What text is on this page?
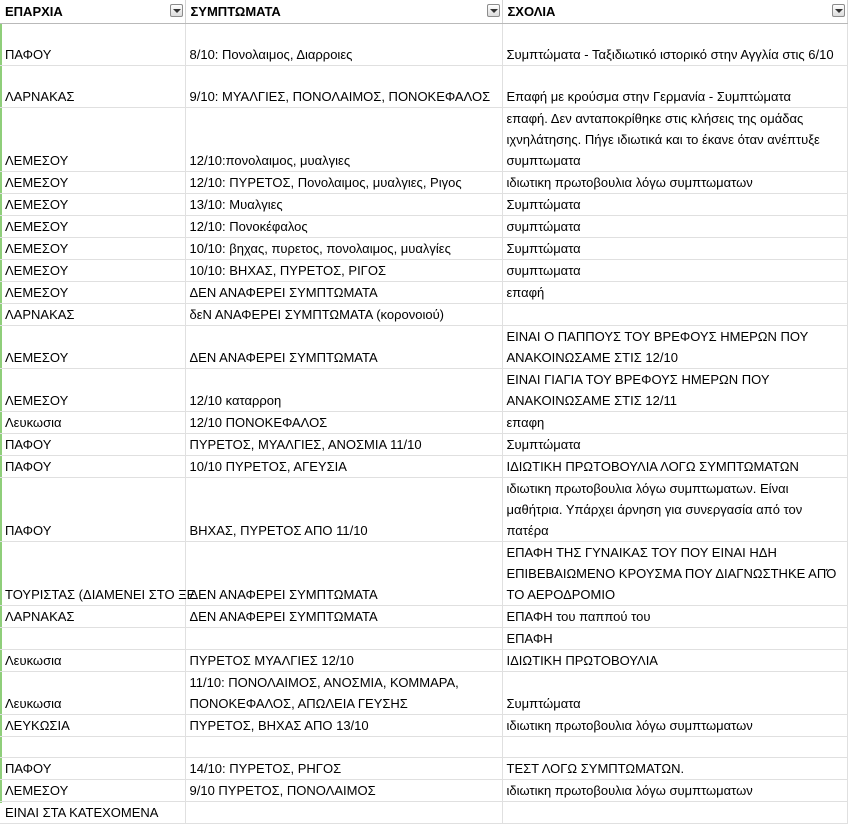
ΕΠΑΡΧΙΑ	ΣΥΜΠΤΩΜΑΤΑ	ΣΧΟΛΙΑ

ΠΑΦΟΥ	8/10: Πονολαιμος, Διαρροιες	Συμπτώματα - Ταξιδιωτικό ιστορικό στην Αγγλία στις 6/10
ΛΑΡΝΑΚΑΣ	9/10: ΜΥΑΛΓΙΕΣ, ΠΟΝΟΛΑΙΜΟΣ, ΠΟΝΟΚΕΦΑΛΟΣ	Επαφή με κρούσμα στην Γερμανία - Συμπτώματα
ΛΕΜΕΣΟΥ	12/10:πονολαιμος, μυαλγιες	επαφή. Δεν ανταποκρίθηκε στις κλήσεις της ομάδας ιχνηλάτησης. Πήγε ιδιωτικά και το έκανε όταν ανέπτυξε συμπτωματα
ΛΕΜΕΣΟΥ	12/10: ΠΥΡΕΤΟΣ, Πονολαιμος, μυαλγιες, Ριγος	ιδιωτικη πρωτοβουλια λόγω συμπτωματων
ΛΕΜΕΣΟΥ	13/10: Μυαλγιες	Συμπτώματα
ΛΕΜΕΣΟΥ	12/10: Πονοκέφαλος	συμπτώματα
ΛΕΜΕΣΟΥ	10/10: βηχας, πυρετος, πονολαιμος, μυαλγίες	Συμπτώματα
ΛΕΜΕΣΟΥ	10/10: ΒΗΧΑΣ, ΠΥΡΕΤΟΣ, ΡΙΓΟΣ	συμπτωματα
ΛΕΜΕΣΟΥ	ΔΕΝ ΑΝΑΦΕΡΕΙ ΣΥΜΠΤΩΜΑΤΑ	επαφή
ΛΑΡΝΑΚΑΣ	δεΝ ΑΝΑΦΕΡΕΙ ΣΥΜΠΤΩΜΑΤΑ (κορονοιού)	
ΛΕΜΕΣΟΥ	ΔΕΝ ΑΝΑΦΕΡΕΙ ΣΥΜΠΤΩΜΑΤΑ	ΕΙΝΑΙ Ο ΠΑΠΠΟΥΣ ΤΟΥ ΒΡΕΦΟΥΣ ΗΜΕΡΩΝ ΠΟΥ ΑΝΑΚΟΙΝΩΣΑΜΕ ΣΤΙΣ 12/10
ΛΕΜΕΣΟΥ	12/10 καταρροη	ΕΙΝΑΙ ΓΙΑΓΙΑ ΤΟΥ ΒΡΕΦΟΥΣ ΗΜΕΡΩΝ ΠΟΥ ΑΝΑΚΟΙΝΩΣΑΜΕ ΣΤΙΣ 12/11
Λευκωσια	12/10 ΠΟΝΟΚΕΦΑΛΟΣ	επαφη
ΠΑΦΟΥ	ΠΥΡΕΤΟΣ, ΜΥΑΛΓΙΕΣ, ΑΝΟΣΜΙΑ 11/10	Συμπτώματα
ΠΑΦΟΥ	10/10 ΠΥΡΕΤΟΣ, ΑΓΕΥΣΙΑ	ΙΔΙΩΤΙΚΗ ΠΡΩΤΟΒΟΥΛΙΑ ΛΟΓΩ ΣΥΜΠΤΩΜΑΤΩΝ
ΠΑΦΟΥ	ΒΗΧΑΣ, ΠΥΡΕΤΟΣ ΑΠΟ 11/10	ιδιωτικη πρωτοβουλια λόγω συμπτωματων. Είναι μαθήτρια. Υπάρχει άρνηση για συνεργασία από τον πατέρα
ΤΟΥΡΙΣΤΑΣ (ΔΙΑΜΕΝΕΙ ΣΤΟ ΞΕ	ΔΕΝ ΑΝΑΦΕΡΕΙ ΣΥΜΠΤΩΜΑΤΑ	ΕΠΑΦΗ ΤΗΣ ΓΥΝΑΙΚΑΣ ΤΟΥ ΠΟΥ ΕΙΝΑΙ ΗΔΗ ΕΠΙΒΕΒΑΙΩΜΕΝΟ ΚΡΟΥΣΜΑ ΠΟΥ ΔΙΑΓΝΩΣΤΗΚΕ ΑΠΌ ΤΟ ΑΕΡΟΔΡΟΜΙΟ
ΛΑΡΝΑΚΑΣ	ΔΕΝ ΑΝΑΦΕΡΕΙ ΣΥΜΠΤΩΜΑΤΑ	ΕΠΑΦΗ του παππού του
		ΕΠΑΦΗ
Λευκωσια	ΠΥΡΕΤΟΣ ΜΥΑΛΓΙΕΣ 12/10	ΙΔΙΩΤΙΚΗ ΠΡΩΤΟΒΟΥΛΙΑ
Λευκωσια	11/10: ΠΟΝΟΛΑΙΜΟΣ, ΑΝΟΣΜΙΑ, ΚΟΜΜΑΡΑ, ΠΟΝΟΚΕΦΑΛΟΣ, ΑΠΩΛΕΙΑ ΓΕΥΣΗΣ	Συμπτώματα
ΛΕΥΚΩΣΙΑ	ΠΥΡΕΤΟΣ, ΒΗΧΑΣ ΑΠΟ 13/10	ιδιωτικη πρωτοβουλια λόγω συμπτωματων

ΠΑΦΟΥ	14/10: ΠΥΡΕΤΟΣ, ΡΗΓΟΣ	ΤΕΣΤ ΛΟΓΩ ΣΥΜΠΤΩΜΑΤΩΝ.
ΛΕΜΕΣΟΥ	9/10 ΠΥΡΕΤΟΣ, ΠΟΝΟΛΑΙΜΟΣ	ιδιωτικη πρωτοβουλια λόγω συμπτωματων
ΕΙΝΑΙ ΣΤΑ ΚΑΤΕΧΟΜΕΝΑ		
